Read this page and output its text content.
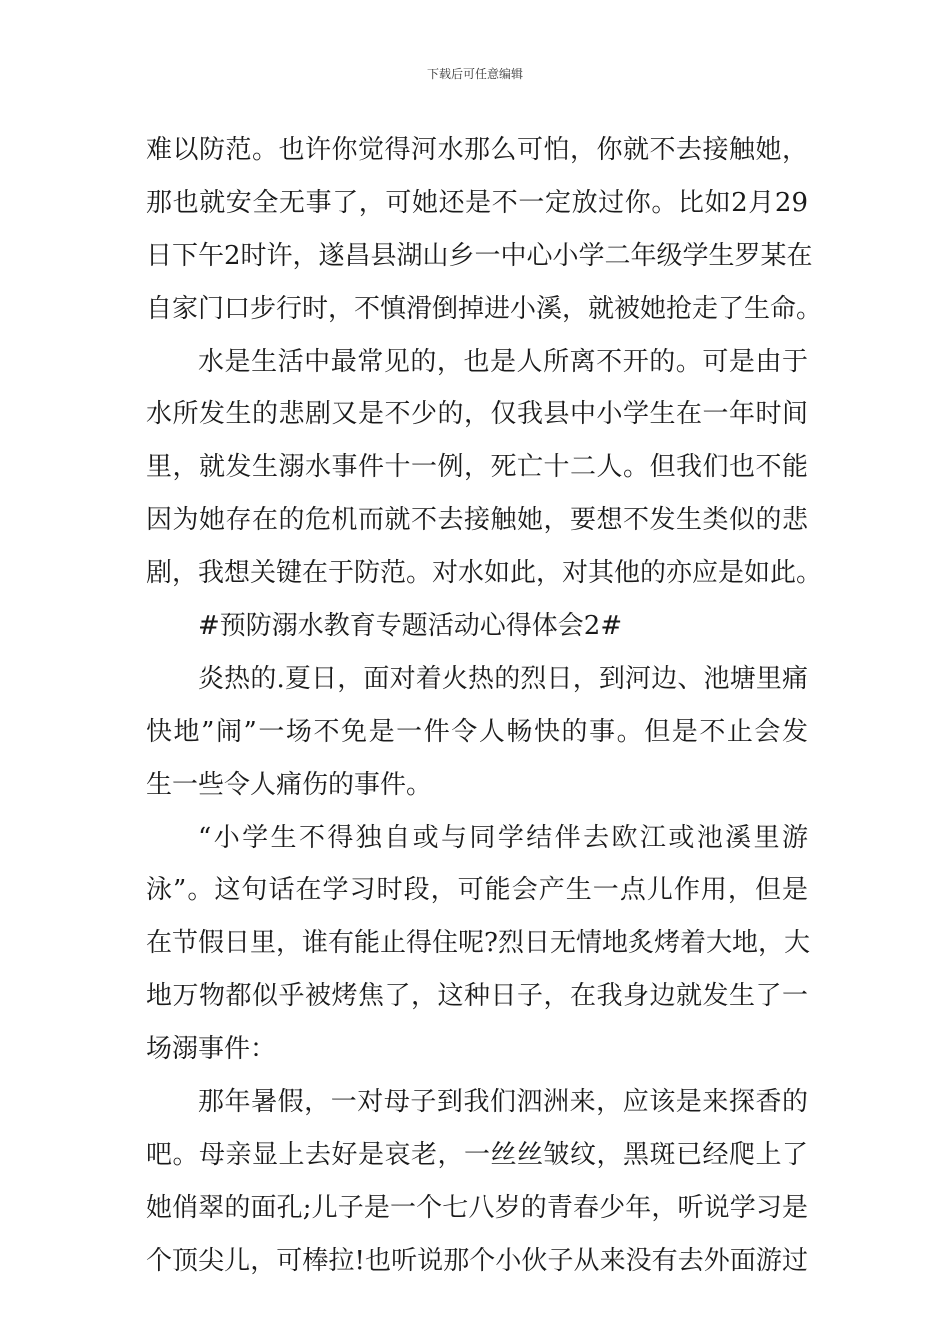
下载后可任意编辑
难以防范。也许你觉得河水那么可怕，你就不去接触她，
那也就安全无事了，可她还是不一定放过你。比如2月29
日下午2时许，遂昌县湖山乡一中心小学二年级学生罗某在
自家门口步行时，不慎滑倒掉进小溪，就被她抢走了生命。
水是生活中最常见的，也是人所离不开的。可是由于
水所发生的悲剧又是不少的，仅我县中小学生在一年时间
里，就发生溺水事件十一例，死亡十二人。但我们也不能
因为她存在的危机而就不去接触她，要想不发生类似的悲
剧，我想关键在于防范。对水如此，对其他的亦应是如此。
#预防溺水教育专题活动心得体会2#
炎热的.夏日，面对着火热的烈日，到河边、池塘里痛
快地”闹”一场不免是一件令人畅快的事。但是不止会发
生一些令人痛伤的事件。
“小学生不得独自或与同学结伴去欧江或池溪里游
泳”。这句话在学习时段，可能会产生一点儿作用，但是
在节假日里，谁有能止得住呢?烈日无情地炙烤着大地，大
地万物都似乎被烤焦了，这种日子，在我身边就发生了一
场溺事件：
那年暑假，一对母子到我们泗洲来，应该是来探香的
吧。母亲显上去好是哀老，一丝丝皱纹，黑斑已经爬上了
她俏翠的面孔;儿子是一个七八岁的青春少年，听说学习是
个顶尖儿，可棒拉!也听说那个小伙子从来没有去外面游过
